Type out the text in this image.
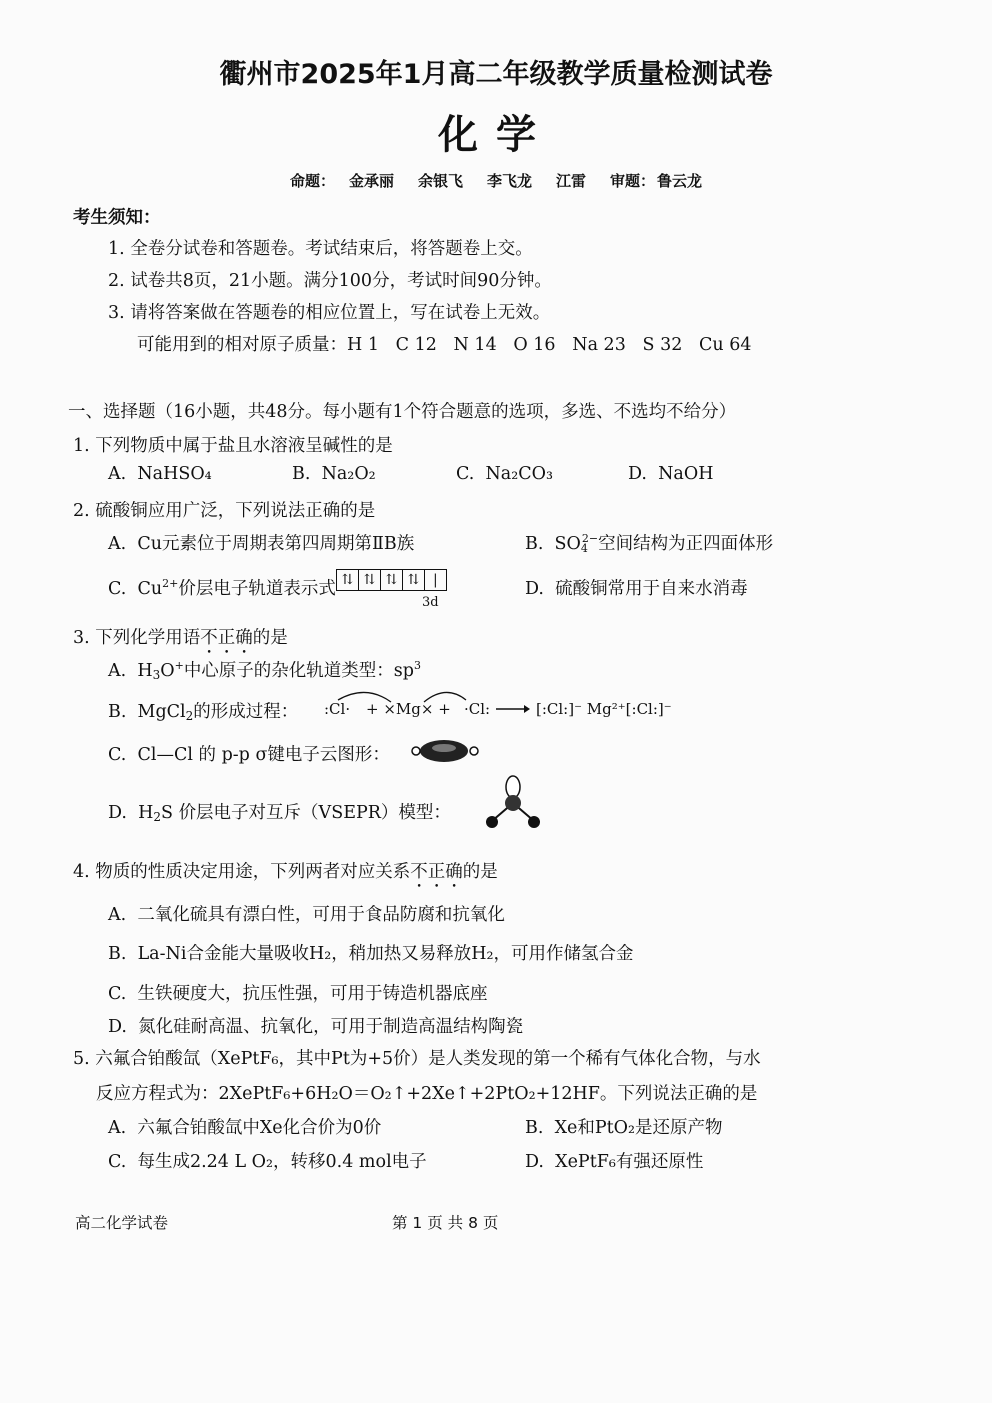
衢州市2025年1月高二年级教学质量检测试卷
化学
命题： 金承丽 余银飞 李飞龙 江雷 审题： 鲁云龙
考生须知：
1. 全卷分试卷和答题卷。考试结束后，将答题卷上交。
2. 试卷共8页，21小题。满分100分，考试时间90分钟。
3. 请将答案做在答题卷的相应位置上，写在试卷上无效。
可能用到的相对原子质量：H 1   C 12   N 14   O 16   Na 23   S 32   Cu 64
一、选择题（16小题，共48分。每小题有1个符合题意的选项，多选、不选均不给分）
1. 下列物质中属于盐且水溶液呈碱性的是
A.  NaHSO₄	B.  Na₂O₂	C.  Na₂CO₃	D.  NaOH
2. 硫酸铜应用广泛，下列说法正确的是
A.  Cu元素位于周期表第四周期第ⅡB族	B.  $SO_4^{2-}$空间结构为正四面体形
C.  $Cu^{2+}$价层电子轨道表示式 ⇅ ⇅ ⇅ ⇅ |
3d
D.  硫酸铜常用于自来水消毒
3. 下列化学用语不正确的是
A.  $H_3O^+$中心原子的杂化轨道类型：$sp^3$
B.  MgCl$_2$的形成过程： :Cl· + ×Mg× + ·Cl:	[:Cl:]⁻ Mg²⁺[:Cl:]⁻
C.  Cl—Cl 的 p-p σ键电子云图形：
D.  $H_2S$ 价层电子对互斥（VSEPR）模型：
4. 物质的性质决定用途，下列两者对应关系不正确的是
A.  二氧化硫具有漂白性，可用于食品防腐和抗氧化
B.  La-Ni合金能大量吸收H₂，稍加热又易释放H₂，可用作储氢合金
C.  生铁硬度大，抗压性强，可用于铸造机器底座
D.  氮化硅耐高温、抗氧化，可用于制造高温结构陶瓷
5. 六氟合铂酸氙（XePtF₆，其中Pt为+5价）是人类发现的第一个稀有气体化合物，与水
反应方程式为：2XePtF₆+6H₂O＝O₂↑+2Xe↑+2PtO₂+12HF。下列说法正确的是
A.  六氟合铂酸氙中Xe化合价为0价	B.  Xe和PtO₂是还原产物
C.  每生成2.24 L O₂，转移0.4 mol电子	D.  XePtF₆有强还原性
高二化学试卷	第 1 页 共 8 页
